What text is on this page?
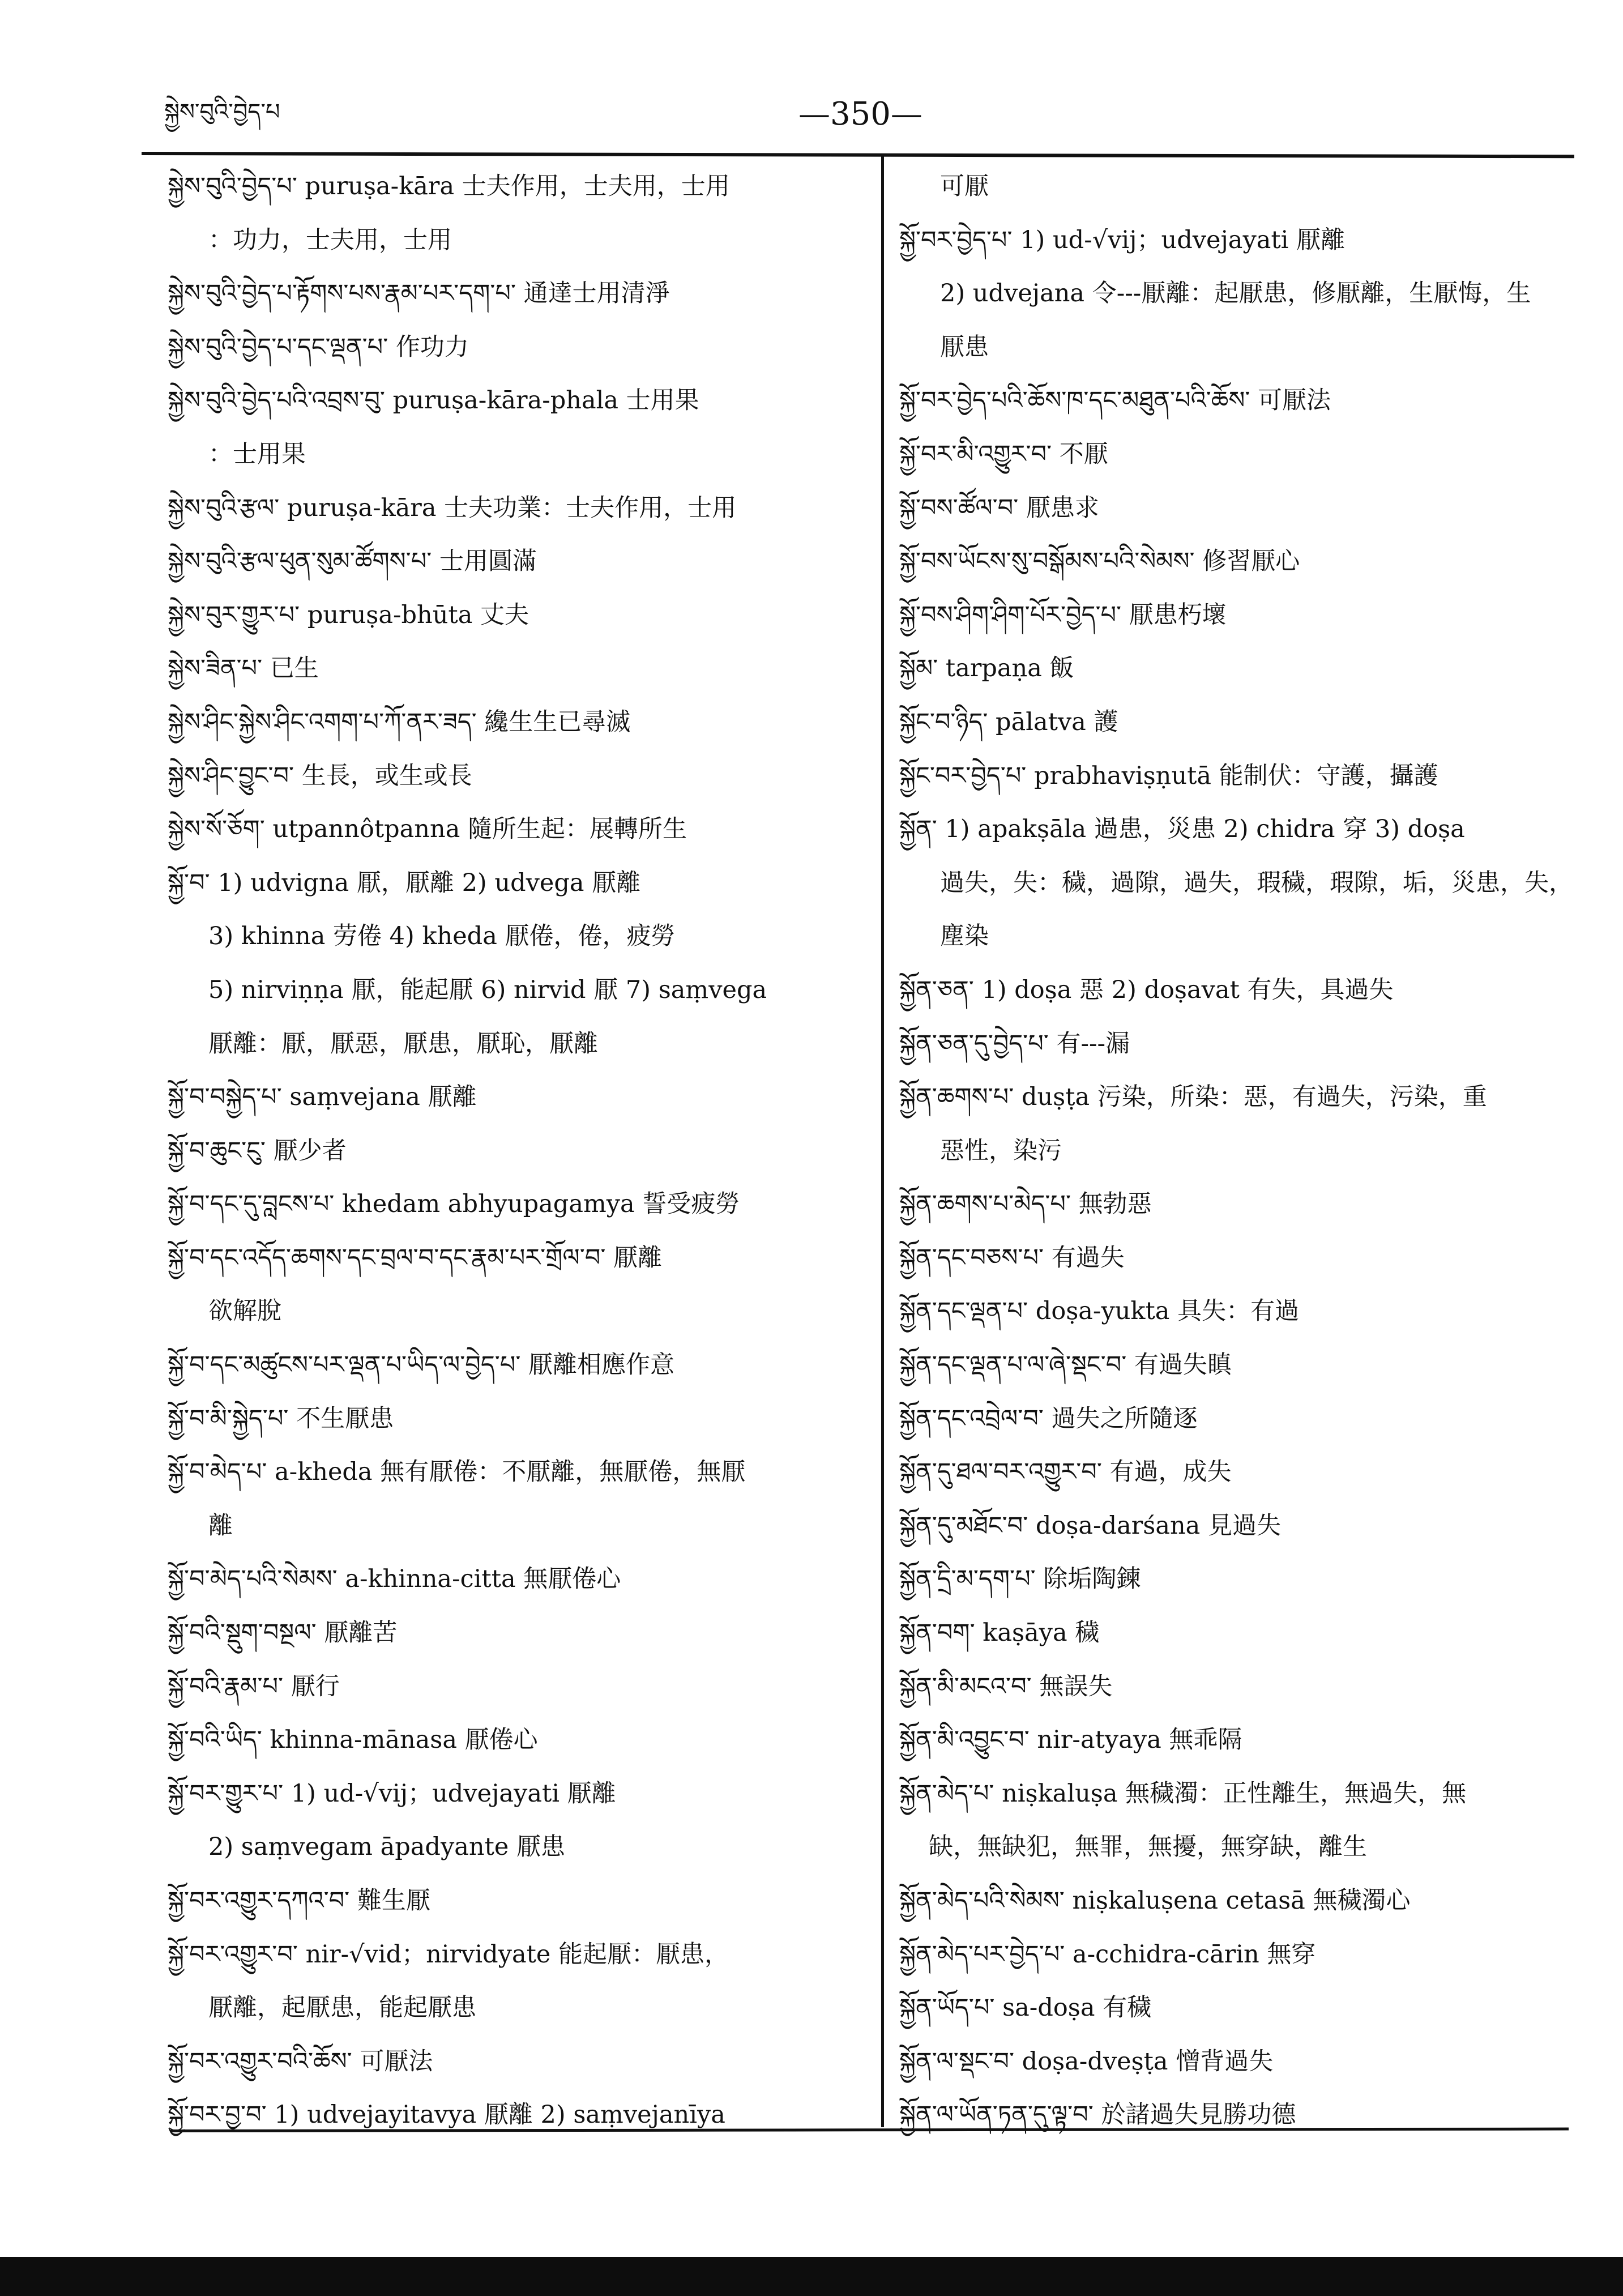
སྐྱེས་བུའི་བྱེད་པ	—350—
སྐྱེས་བུའི་བྱེད་པ་ puruṣa-kāra 士夫作用，士夫用，士用
：功力，士夫用，士用
སྐྱེས་བུའི་བྱེད་པ་རྟོགས་པས་རྣམ་པར་དག་པ་ 通達士用清淨
སྐྱེས་བུའི་བྱེད་པ་དང་ལྡན་པ་ 作功力
སྐྱེས་བུའི་བྱེད་པའི་འབྲས་བུ་ puruṣa-kāra-phala 士用果
：士用果
སྐྱེས་བུའི་རྩལ་ puruṣa-kāra 士夫功業：士夫作用，士用
སྐྱེས་བུའི་རྩལ་ཕུན་སུམ་ཚོགས་པ་ 士用圓滿
སྐྱེས་བུར་གྱུར་པ་ puruṣa-bhūta 丈夫
སྐྱེས་ཟིན་པ་ 已生
སྐྱེས་ཤིང་སྐྱེས་ཤིང་འགག་པ་ཀོ་ནར་ཟད་ 纔生生已尋滅
སྐྱེས་ཤིང་བྱུང་བ་ 生長，或生或長
སྐྱེས་སོ་ཅོག་ utpannôtpanna 隨所生起：展轉所生
སྐྱོ་བ་ 1) udvigna 厭，厭離 2) udvega 厭離
3) khinna 劳倦 4) kheda 厭倦，倦，疲勞
5) nirviṇṇa 厭，能起厭 6) nirvid 厭 7) saṃvega
厭離：厭，厭惡，厭患，厭恥，厭離
སྐྱོ་བ་བསྐྱེད་པ་ saṃvejana 厭離
སྐྱོ་བ་ཆུང་ངུ་ 厭少者
སྐྱོ་བ་དང་དུ་བླངས་པ་ khedam abhyupagamya 誓受疲勞
སྐྱོ་བ་དང་འདོད་ཆགས་དང་བྲལ་བ་དང་རྣམ་པར་གྲོལ་བ་ 厭離
欲解脫
སྐྱོ་བ་དང་མཚུངས་པར་ལྡན་པ་ཡིད་ལ་བྱེད་པ་ 厭離相應作意
སྐྱོ་བ་མི་སྐྱེད་པ་ 不生厭患
སྐྱོ་བ་མེད་པ་ a-kheda 無有厭倦：不厭離，無厭倦，無厭
離
སྐྱོ་བ་མེད་པའི་སེམས་ a-khinna-citta 無厭倦心
སྐྱོ་བའི་སྡུག་བསྔལ་ 厭離苦
སྐྱོ་བའི་རྣམ་པ་ 厭行
སྐྱོ་བའི་ཡིད་ khinna-mānasa 厭倦心
སྐྱོ་བར་གྱུར་པ་ 1) ud-√vij；udvejayati 厭離
2) saṃvegam āpadyante 厭患
སྐྱོ་བར་འགྱུར་དཀའ་བ་ 難生厭
སྐྱོ་བར་འགྱུར་བ་ nir-√vid；nirvidyate 能起厭：厭患，
厭離，起厭患，能起厭患
སྐྱོ་བར་འགྱུར་བའི་ཆོས་ 可厭法
སྐྱོ་བར་བྱ་བ་ 1) udvejayitavya 厭離 2) saṃvejanīya
可厭
སྐྱོ་བར་བྱེད་པ་ 1) ud-√vij；udvejayati 厭離
2) udvejana 令---厭離：起厭患，修厭離，生厭悔，生
厭患
སྐྱོ་བར་བྱེད་པའི་ཆོས་ཁ་དང་མཐུན་པའི་ཆོས་ 可厭法
སྐྱོ་བར་མི་འགྱུར་བ་ 不厭
སྐྱོ་བས་ཚོལ་བ་ 厭患求
སྐྱོ་བས་ཡོངས་སུ་བསྒོམས་པའི་སེམས་ 修習厭心
སྐྱོ་བས་ཤིག་ཤིག་པོར་བྱེད་པ་ 厭患朽壞
སྐྱོམ་ tarpaṇa 飯
སྐྱོང་བ་ཉིད་ pālatva 護
སྐྱོང་བར་བྱེད་པ་ prabhaviṣṇutā 能制伏：守護，攝護
སྐྱོན་ 1) apakṣāla 過患，災患 2) chidra 穿 3) doṣa
過失，失：穢，過隙，過失，瑕穢，瑕隙，垢，災患，失，
塵染
སྐྱོན་ཅན་ 1) doṣa 惡 2) doṣavat 有失，具過失
སྐྱོན་ཅན་དུ་བྱེད་པ་ 有---漏
སྐྱོན་ཆགས་པ་ duṣṭa 污染，所染：惡，有過失，污染，重
惡性，染污
སྐྱོན་ཆགས་པ་མེད་པ་ 無勃惡
སྐྱོན་དང་བཅས་པ་ 有過失
སྐྱོན་དང་ལྡན་པ་ doṣa-yukta 具失：有過
སྐྱོན་དང་ལྡན་པ་ལ་ཞེ་སྡང་བ་ 有過失瞋
སྐྱོན་དང་འབྲེལ་བ་ 過失之所隨逐
སྐྱོན་དུ་ཐལ་བར་འགྱུར་བ་ 有過，成失
སྐྱོན་དུ་མཐོང་བ་ doṣa-darśana 見過失
སྐྱོན་དྲི་མ་དག་པ་ 除垢陶鍊
སྐྱོན་བག་ kaṣāya 穢
སྐྱོན་མི་མངའ་བ་ 無誤失
སྐྱོན་མི་འབྱུང་བ་ nir-atyaya 無乖隔
སྐྱོན་མེད་པ་ niṣkaluṣa 無穢濁：正性離生，無過失，無
缺，無缺犯，無罪，無擾，無穿缺，離生
སྐྱོན་མེད་པའི་སེམས་ niṣkaluṣena cetasā 無穢濁心
སྐྱོན་མེད་པར་བྱེད་པ་ a-cchidra-cārin 無穿
སྐྱོན་ཡོད་པ་ sa-doṣa 有穢
སྐྱོན་ལ་སྡང་བ་ doṣa-dveṣṭa 憎背過失
སྐྱོན་ལ་ཡོན་ཏན་དུ་ལྟ་བ་ 於諸過失見勝功德
